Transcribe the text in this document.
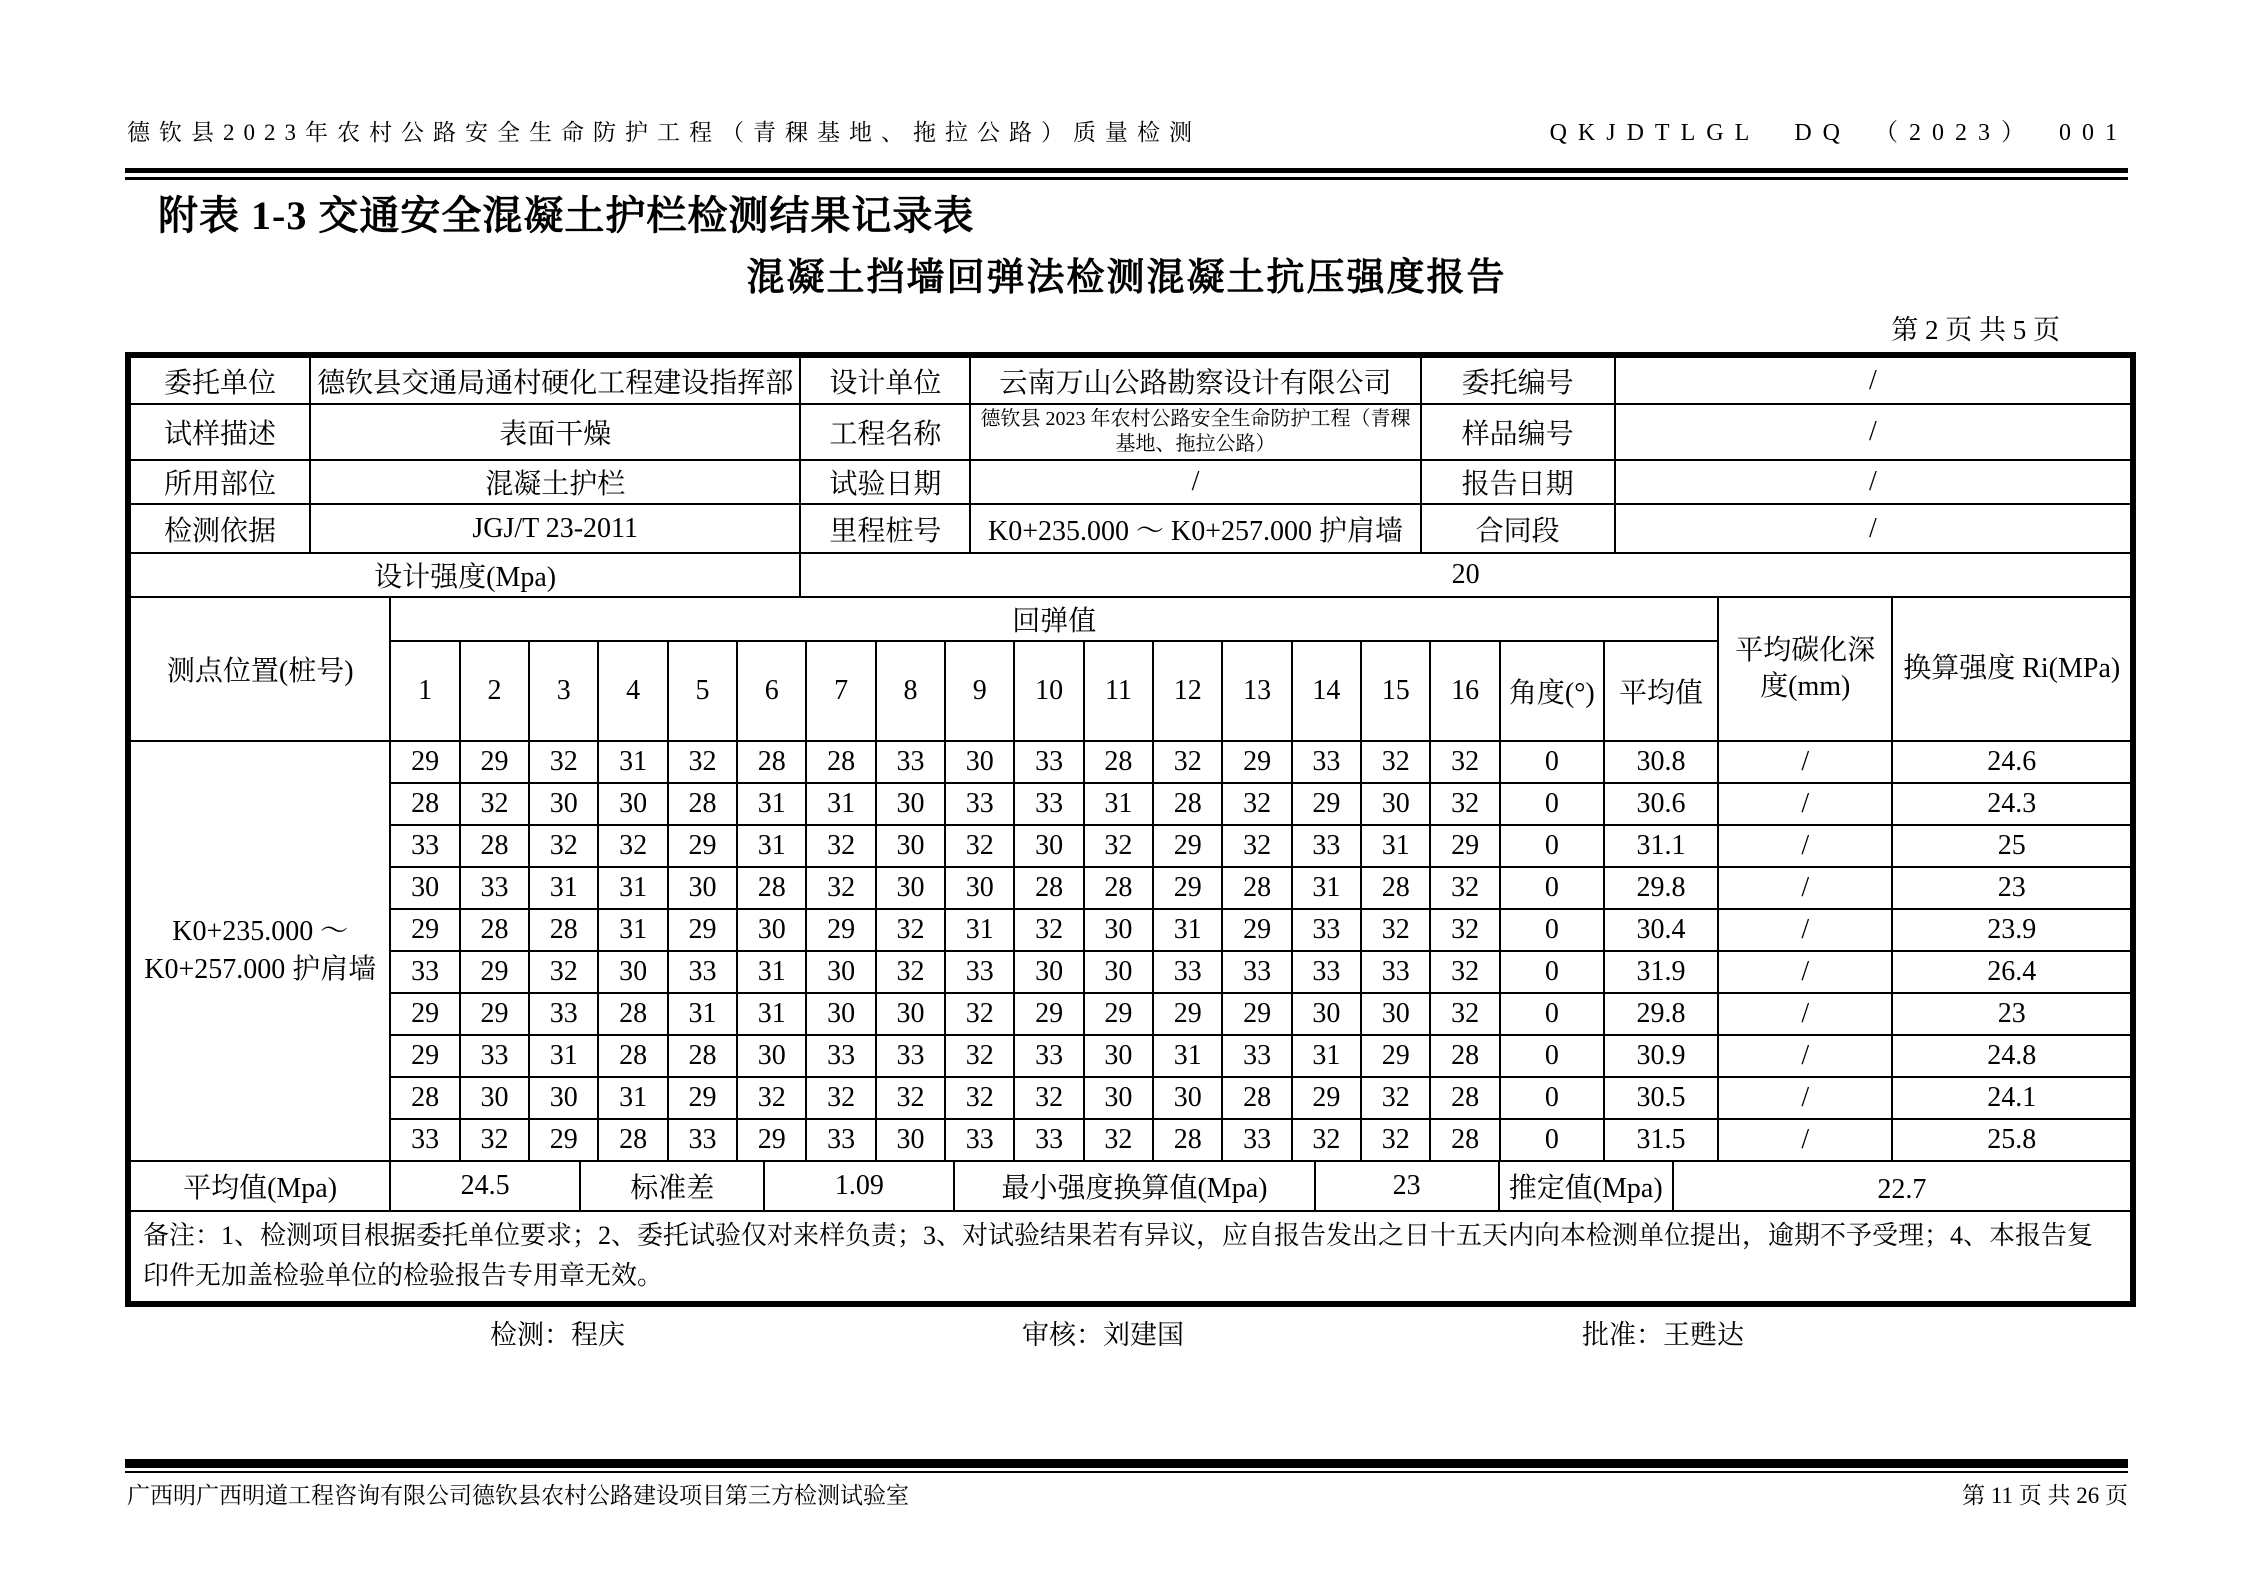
德钦县2023年农村公路安全生命防护工程（青稞基地、拖拉公路）质量检测	QKJDTLGL　DQ　（2023）　001
附表 1-3 交通安全混凝土护栏检测结果记录表
混凝土挡墙回弹法检测混凝土抗压强度报告
第 2 页 共 5 页
委托单位	德钦县交通局通村硬化工程建设指挥部	设计单位	云南万山公路勘察设计有限公司	委托编号	/
试样描述	表面干燥	工程名称	德钦县 2023 年农村公路安全生命防护工程（青稞基地、拖拉公路）	样品编号	/
所用部位	混凝土护栏	试验日期	/	报告日期	/
检测依据	JGJ/T 23-2011	里程桩号	K0+235.000 ～ K0+257.000 护肩墙	合同段	/
设计强度(Mpa)		20			
测点位置(桩号)	回弹值																		平均碳化深度(mm)	换算强度 Ri(MPa)
	1	2	3	4	5	6	7	8	9	10	11	12	13	14	15	16	角度(°)	平均值		
K0+235.000 ～ K0+257.000 护肩墙	29	29	32	31	32	28	28	33	30	33	28	32	29	33	32	32	0	30.8	/	24.6
	28	32	30	30	28	31	31	30	33	33	31	28	32	29	30	32	0	30.6	/	24.3
	33	28	32	32	29	31	32	30	32	30	32	29	32	33	31	29	0	31.1	/	25
	30	33	31	31	30	28	32	30	30	28	28	29	28	31	28	32	0	29.8	/	23
	29	28	28	31	29	30	29	32	31	32	30	31	29	33	32	32	0	30.4	/	23.9
	33	29	32	30	33	31	30	32	33	30	30	33	33	33	33	32	0	31.9	/	26.4
	29	29	33	28	31	31	30	30	32	29	29	29	29	30	30	32	0	29.8	/	23
	29	33	31	28	28	30	33	33	32	33	30	31	33	31	29	28	0	30.9	/	24.8
	28	30	30	31	29	32	32	32	32	32	30	30	28	29	32	28	0	30.5	/	24.1
	33	32	29	28	33	29	33	30	33	33	32	28	33	32	32	28	0	31.5	/	25.8
平均值(Mpa)	24.5	标准差	1.09	最小强度换算值(Mpa)	23	推定值(Mpa)	22.7
备注：1、检测项目根据委托单位要求；2、委托试验仅对来样负责；3、对试验结果若有异议，应自报告发出之日十五天内向本检测单位提出，逾期不予受理；4、本报告复印件无加盖检验单位的检验报告专用章无效。
检测：程庆	审核：刘建国	批准：王甦达
广西明广西明道工程咨询有限公司德钦县农村公路建设项目第三方检测试验室	第 11 页 共 26 页
